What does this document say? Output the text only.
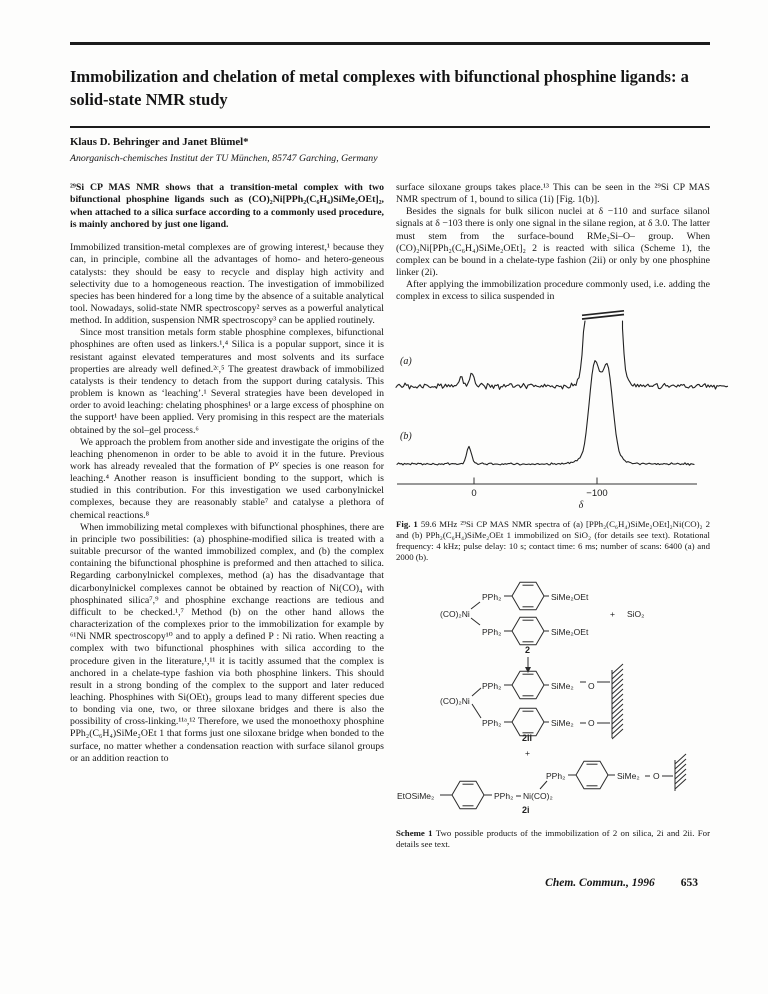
Immobilization and chelation of metal complexes with bifunctional phosphine ligands: a solid-state NMR study
Klaus D. Behringer and Janet Blümel*
Anorganisch-chemisches Institut der TU München, 85747 Garching, Germany

²⁹Si CP MAS NMR shows that a transition-metal complex with two bifunctional phosphine ligands such as (CO)₂Ni[PPh₂(C₆H₄)SiMe₂OEt]₂, when attached to a silica surface according to a commonly used procedure, is mainly anchored by just one ligand.

Immobilized transition-metal complexes are of growing interest,¹ because they can, in principle, combine all the advantages of homo- and hetero-geneous catalysts: they should be easy to recycle and display high activity and selectivity due to a homogeneous reaction. The investigation of immobilized species has been hindered for a long time by the absence of a suitable analytical tool. Nowadays, solid-state NMR spectroscopy² serves as a powerful analytical method. In addition, suspension NMR spectroscopy³ can be applied routinely.

Since most transition metals form stable phosphine complexes, bifunctional phosphines are often used as linkers.¹,⁴ Silica is a popular support, since it is resistant against elevated temperatures and most solvents and its surface properties are already well defined.²ᶜ,⁵ The greatest drawback of immobilized catalysts is their tendency to detach from the support during catalysis. This problem is known as ‘leaching’.¹ Several strategies have been developed in order to avoid leaching: chelating phosphines¹ or a large excess of phosphine on the support¹ have been applied. Very promising in this respect are the materials obtained by the sol–gel process.⁶

We approach the problem from another side and investigate the origins of the leaching phenomenon in order to be able to avoid it in the future. Previous work has already revealed that the formation of Pⱽ species is one reason for leaching.⁴ Another reason is insufficient bonding to the support, which is studied in this contribution. For this investigation we used carbonylnickel complexes, because they are reasonably stable⁷ and catalyse a plethora of chemical reactions.⁸

When immobilizing metal complexes with bifunctional phosphines, there are in principle two possibilities: (a) phosphine-modified silica is treated with a suitable precursor of the wanted immobilized complex, and (b) the complex containing the bifunctional phosphine is preformed and then attached to silica. Regarding carbonylnickel complexes, method (a) has the disadvantage that dicarbonylnickel complexes cannot be obtained by reaction of Ni(CO)₄ with phosphinated silica⁷,⁹ and phosphine exchange reactions are tedious and difficult to be checked.¹,⁷ Method (b) on the other hand allows the characterization of the complexes prior to the immobilization for example by ⁶¹Ni NMR spectroscopy¹⁰ and to apply a defined P : Ni ratio. When reacting a complex with two bifunctional phosphines with silica according to the procedure given in the literature,¹,¹¹ it is tacitly assumed that the complex is anchored in a chelate-type fashion via both phosphine linkers. This should result in a strong bonding of the complex to the support and later reduced leaching. Phosphines with Si(OEt)₃ groups lead to many different species due to bonding via one, two, or three siloxane bridges and there is also the possibility of cross-linking.¹¹ᵃ,¹² Therefore, we used the monoethoxy phosphine PPh₂(C₆H₄)SiMe₂OEt 1 that forms just one siloxane bridge when bonded to the surface, no matter whether a condensation reaction with surface silanol groups or an addition reaction to

surface siloxane groups takes place.¹³ This can be seen in the ²⁹Si CP MAS NMR spectrum of 1, bound to silica (1i) [Fig. 1(b)].

Besides the signals for bulk silicon nuclei at δ −110 and surface silanol signals at δ −103 there is only one signal in the silane region, at δ 3.0. The latter must stem from the surface-bound RMe₂Si–O– group. When (CO)₂Ni[PPh₂(C₆H₄)SiMe₂OEt]₂ 2 is reacted with silica (Scheme 1), the complex can be bound in a chelate-type fashion (2ii) or only by one phosphine linker (2i).

After applying the immobilization procedure commonly used, i.e. adding the complex in excess to silica suspended in

(a)
(b)
0	−100
δ

Fig. 1 59.6 MHz ²⁹Si CP MAS NMR spectra of (a) [PPh₂(C₆H₄)SiMe₂OEt]₂Ni(CO)₂ 2 and (b) PPh₂(C₆H₄)SiMe₂OEt 1 immobilized on SiO₂ (for details see text). Rotational frequency: 4 kHz; pulse delay: 10 s; contact time: 6 ms; number of scans: 6400 (a) and 2000 (b).

(CO)₂Ni
PPh₂	SiMe₂OEt
PPh₂	SiMe₂OEt
+ SiO₂
2
(CO)₂Ni
PPh₂	SiMe₂ O
PPh₂	SiMe₂ O
2ii
+
PPh₂	SiMe₂ O
EtOSiMe₂	PPh₂ Ni(CO)₂
2i

Scheme 1 Two possible products of the immobilization of 2 on silica, 2i and 2ii. For details see text.

Chem. Commun., 1996 653
